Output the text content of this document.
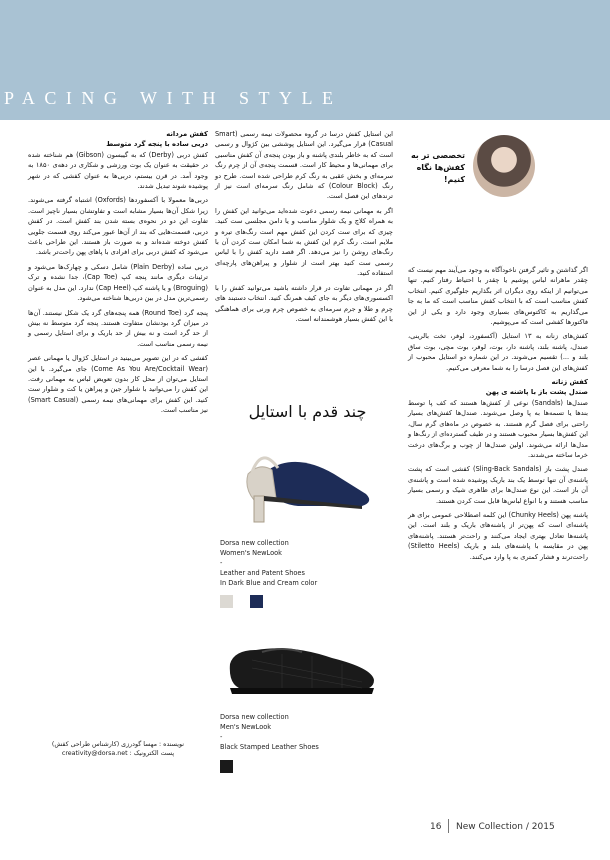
PACING WITH STYLE
تخصصی تر به کفش‌ها نگاه کنیم!

اگر گذاشتن و تاثیر گرفتن ناخودآگاه به وجود می‌آیند مهم نیست که چقدر ماهرانه لباس پوشیم یا چقدر با احتیاط رفتار کنیم. تنها می‌توانیم از اینکه روی دیگران اثر بگذاریم جلوگیری کنیم. انتخاب کفش مناسب است که با انتخاب کفش مناسب است که ما به جا می‌گذاریم به کاکتوس‌های بسیاری وجود دارد و یکی از این فاکتورها کفشی است که می‌پوشیم.

کفش‌های زنانه به ۱۳ استایل (آکسفورد، لوفر، تخت بالرینی، صندل، پاشنه بلند، پاشنه دار، بوت، لوفر، بوت مچی، بوت ساق بلند و ...) تقسیم می‌شوند. در این شماره دو استایل محبوب از کفش‌های این فصل درسا را به شما معرفی می‌کنیم.

کفش زنانه
صندل پشت باز با پاشنه ی پهن

صندل‌ها (Sandals) نوعی از کفش‌ها هستند که کف پا توسط بندها یا تسمه‌ها به پا وصل می‌شوند. صندل‌ها کفش‌های بسیار راحتی برای فصل گرم هستند. به خصوص در ماه‌های گرم سال، این کفش‌ها بسیار محبوب هستند و در طیف گسترده‌ای از رنگ‌ها و مدل‌ها ارائه می‌شوند. اولین صندل‌ها از چوب و برگ‌های درخت خرما ساخته می‌شدند.

صندل پشت باز (Sling-Back Sandals) کفشی است که پشت پاشنه‌ی آن تنها توسط یک بند باریک پوشیده شده است و پاشنه‌ی آن باز است. این نوع صندل‌ها برای ظاهری شیک و رسمی بسیار مناسب هستند و با انواع لباس‌ها قابل ست کردن هستند.

پاشنه پهن (Chunky Heels) این کلمه اصطلاحی عمومی برای هر پاشنه‌ای است که پهن‌تر از پاشنه‌های باریک و بلند است. این پاشنه‌ها تعادل بهتری ایجاد می‌کنند و راحت‌تر هستند. پاشنه‌های پهن در مقایسه با پاشنه‌های بلند و باریک (Stiletto Heels) راحت‌ترند و فشار کمتری به پا وارد می‌کنند.

این استایل کفش درسا در گروه محصولات نیمه رسمی (Smart Casual) قرار می‌گیرد. این استایل پوششی بین کژوال و رسمی است که به خاطر بلندی پاشنه و باز بودن پنجه‌ی آن کفش مناسبی برای مهمانی‌ها و محیط کار است. قسمت پنجه‌ی آن از چرم رنگ سرمه‌ای و بخش عقبی به رنگ کرم طراحی شده است. طرح دو رنگ (Colour Block) که شامل رنگ سرمه‌ای است نیز از ترندهای این فصل است.

اگر به مهمانی نیمه رسمی دعوت شده‌اید می‌توانید این کفش را به همراه کلاچ و یک شلوار مناسب و یا دامن مجلسی ست کنید. چیزی که برای ست کردن این کفش مهم است رنگ‌های تیره و ملایم است. رنگ کرم این کفش به شما امکان ست کردن آن با رنگ‌های روشن را نیز می‌دهد. اگر قصد دارید کفش را با لباس رسمی ست کنید بهتر است از شلوار و پیراهن‌های پارچه‌ای استفاده کنید.

اگر در مهمانی تفاوت در قرار داشته باشید می‌توانید کفش را با اکسسوری‌های دیگر به جای کیف همرنگ کنید. انتخاب دستبند های چرم و طلا و جرم سرمه‌ای به خصوص چرم ورنی برای هماهنگی با این کفش بسیار هوشمندانه است.

کفش مردانه
دربی ساده با پنجه گرد متوسط

کفش دربی (Derby) که به گیبسون (Gibson) هم شناخته شده در حقیقت به عنوان یک بوت ورزشی و شکاری در دهه‌ی ۱۸۵۰ به وجود آمد. در قرن بیستم، دربی‌ها به عنوان کفشی که در شهر پوشیده شوند تبدیل شدند.

دربی‌ها معمولا با آکسفورد‌ها (Oxfords) اشتباه گرفته می‌شوند. زیرا شکل آن‌ها بسیار مشابه است و تفاوتشان بسیار ناچیز است. تفاوت این دو در نحوه‌ی بسته شدن بند کفش است. در کفش دربی، قسمت‌هایی که بند از آن‌ها عبور می‌کند روی قسمت جلویی کفش دوخته شده‌اند و به صورت باز هستند. این طراحی باعث می‌شود که کفش دربی برای افرادی با پاهای پهن راحت‌تر باشد.

دربی ساده (Plain Derby) شامل دسکی و چهارک‌ها می‌شود و ترئینات دیگری مانند پنجه کپ (Cap Toe)، جدا نشده و ترک (Broguing) و یا پاشنه کپ (Cap Heel) ندارد. این مدل به عنوان رسمی‌ترین مدل در بین دربی‌ها شناخته می‌شود.

پنجه گرد (Round Toe) همه پنجه‌های گرد یک شکل نیستند. آن‌ها در میزان گرد بودنشان متفاوت هستند. پنجه گرد متوسط نه بیش از حد گرد است و نه بیش از حد باریک و برای استایل رسمی و نیمه رسمی مناسب است.

کفشی که در این تصویر می‌بینید در استایل کژوال یا مهمانی عصر (Come As You Are/Cocktail Wear) جای می‌گیرد. با این استایل می‌توان از محل کار بدون تعویض لباس به مهمانی رفت. این کفش را می‌توانید با شلوار جین و پیراهن یا کت و شلوار ست کنید. این کفش برای مهمانی‌های نیمه رسمی (Smart Casual) نیز مناسب است.

نویسنده : مهسا گودرزی (کارشناس طراحی کفش)
پست الکترونیک : creativity@dorsa.net
چند قدم با استایل
Dorsa new collection
Women's NewLook
-
Leather and Patent Shoes
In Dark Blue and Cream color
Dorsa new collection
Men's NewLook
-
Black Stamped Leather Shoes
16 New Collection / 2015
